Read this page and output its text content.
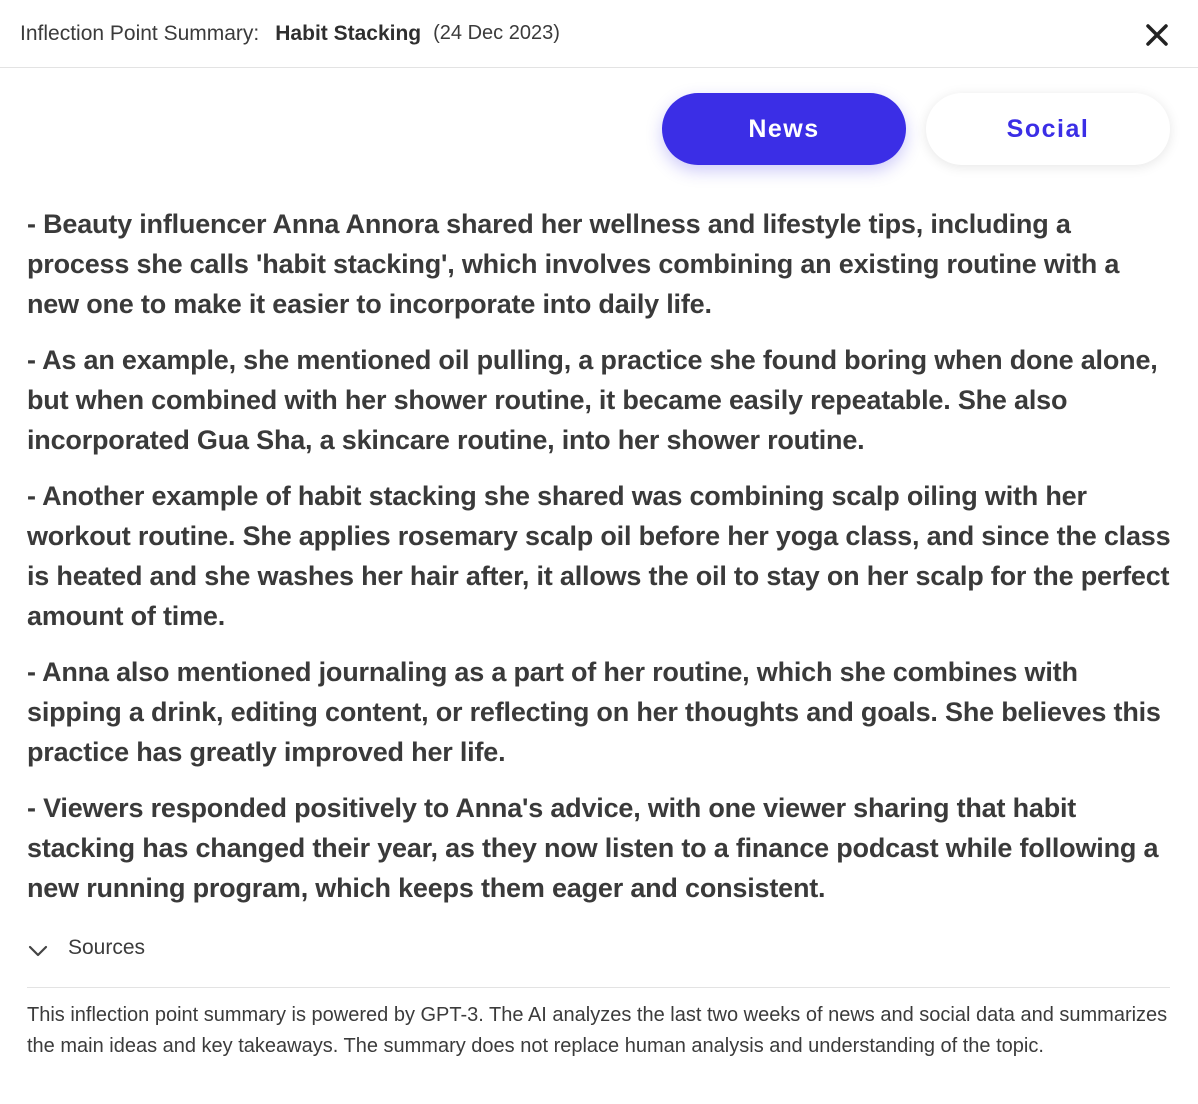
Inflection Point Summary: Habit Stacking (24 Dec 2023)
News	Social

- Beauty influencer Anna Annora shared her wellness and lifestyle tips, including a process she calls 'habit stacking', which involves combining an existing routine with a new one to make it easier to incorporate into daily life.

- As an example, she mentioned oil pulling, a practice she found boring when done alone, but when combined with her shower routine, it became easily repeatable. She also incorporated Gua Sha, a skincare routine, into her shower routine.

- Another example of habit stacking she shared was combining scalp oiling with her workout routine. She applies rosemary scalp oil before her yoga class, and since the class is heated and she washes her hair after, it allows the oil to stay on her scalp for the perfect amount of time.

- Anna also mentioned journaling as a part of her routine, which she combines with sipping a drink, editing content, or reflecting on her thoughts and goals. She believes this practice has greatly improved her life.

- Viewers responded positively to Anna's advice, with one viewer sharing that habit stacking has changed their year, as they now listen to a finance podcast while following a new running program, which keeps them eager and consistent.

Sources
This inflection point summary is powered by GPT-3. The AI analyzes the last two weeks of news and social data and summarizes the main ideas and key takeaways. The summary does not replace human analysis and understanding of the topic.
